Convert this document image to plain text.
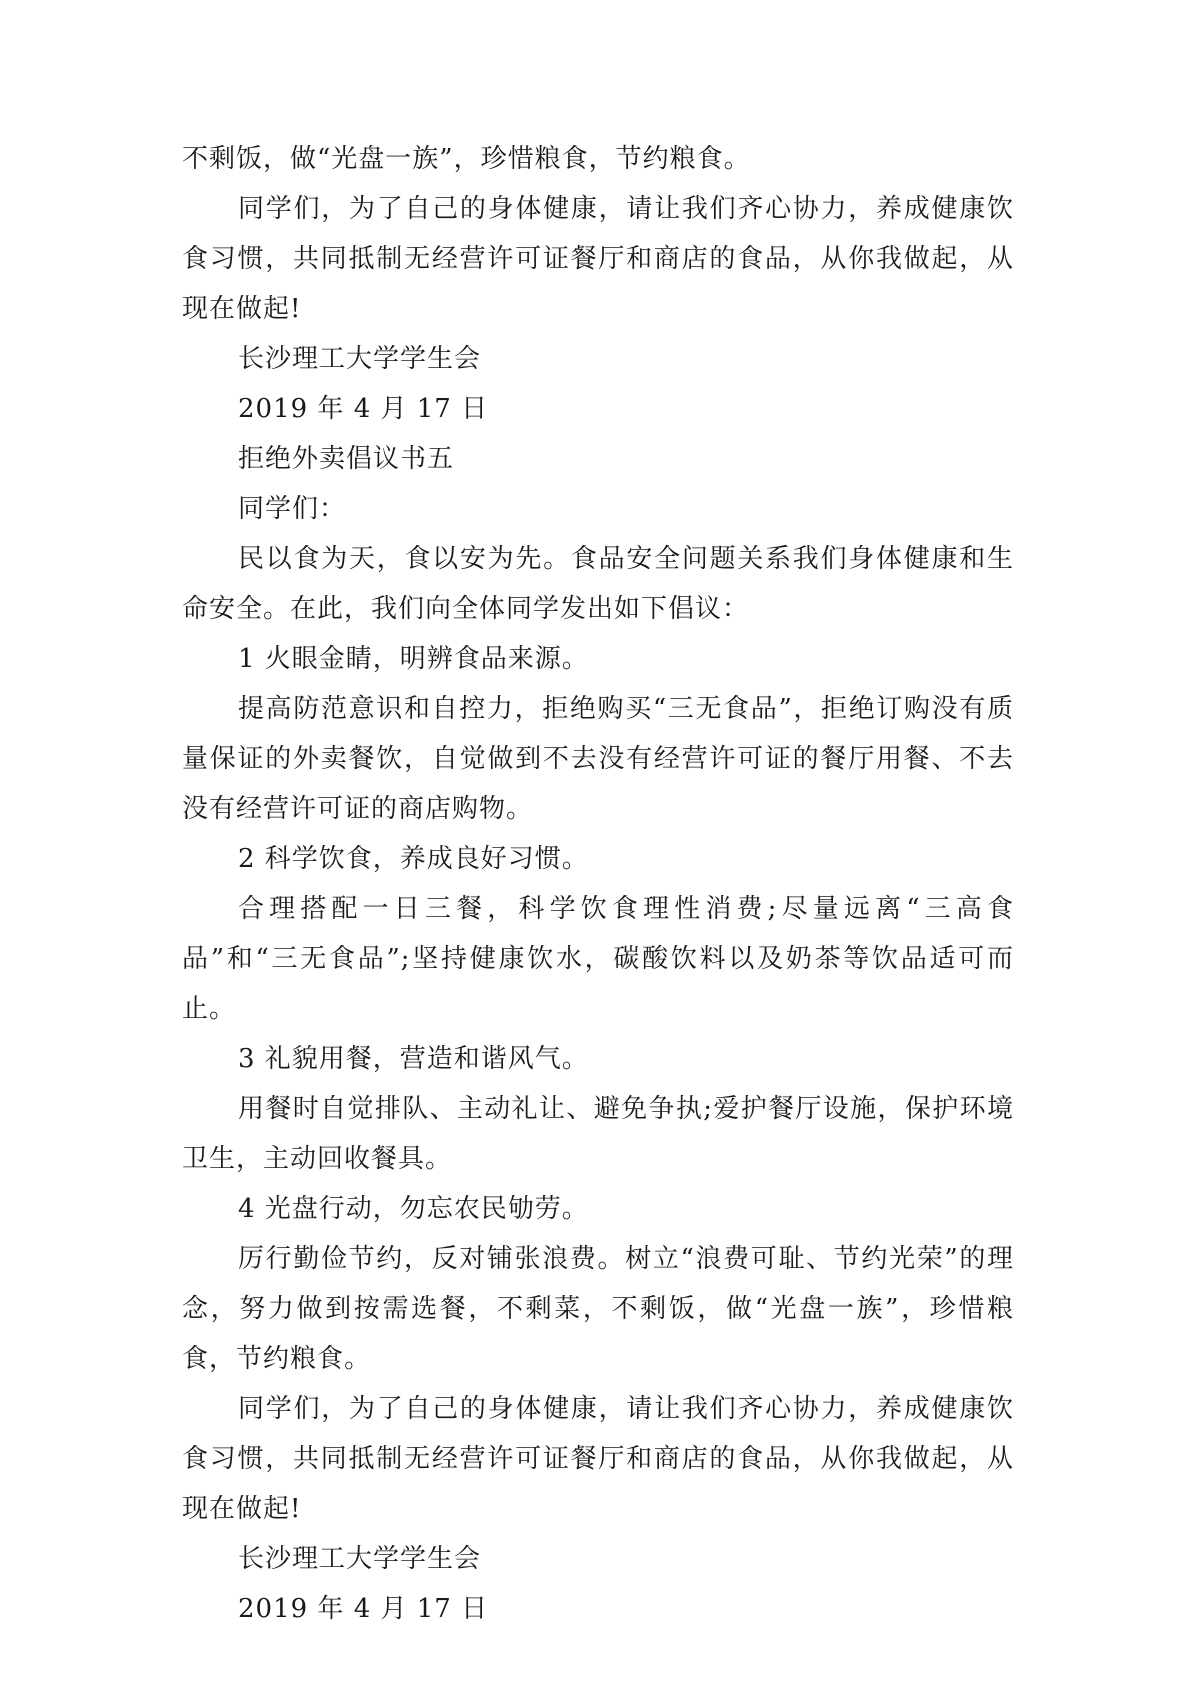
不剩饭，做“光盘一族”，珍惜粮食，节约粮食。

同学们，为了自己的身体健康，请让我们齐心协力，养成健康饮食习惯，共同抵制无经营许可证餐厅和商店的食品，从你我做起，从现在做起!

长沙理工大学学生会

2019 年 4 月 17 日

拒绝外卖倡议书五

同学们：

民以食为天，食以安为先。食品安全问题关系我们身体健康和生命安全。在此，我们向全体同学发出如下倡议：

1 火眼金睛，明辨食品来源。

提高防范意识和自控力，拒绝购买“三无食品”，拒绝订购没有质量保证的外卖餐饮，自觉做到不去没有经营许可证的餐厅用餐、不去没有经营许可证的商店购物。

2 科学饮食，养成良好习惯。

合理搭配一日三餐，科学饮食理性消费;尽量远离“三高食品”和“三无食品”;坚持健康饮水，碳酸饮料以及奶茶等饮品适可而止。

3 礼貌用餐，营造和谐风气。

用餐时自觉排队、主动礼让、避免争执;爱护餐厅设施，保护环境卫生，主动回收餐具。

4 光盘行动，勿忘农民劬劳。

厉行勤俭节约，反对铺张浪费。树立“浪费可耻、节约光荣”的理念，努力做到按需选餐，不剩菜，不剩饭，做“光盘一族”，珍惜粮食，节约粮食。

同学们，为了自己的身体健康，请让我们齐心协力，养成健康饮食习惯，共同抵制无经营许可证餐厅和商店的食品，从你我做起，从现在做起!

长沙理工大学学生会

2019 年 4 月 17 日
